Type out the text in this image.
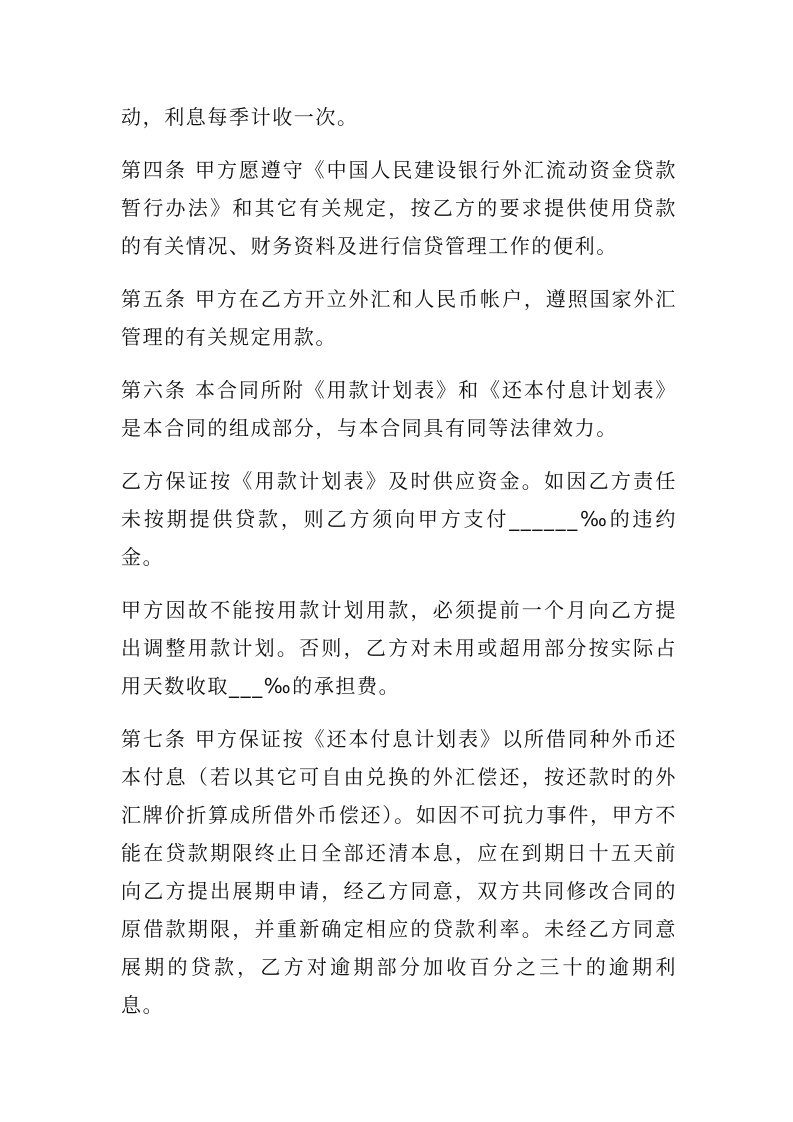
动，利息每季计收一次。

第四条 甲方愿遵守《中国人民建设银行外汇流动资金贷款暂行办法》和其它有关规定，按乙方的要求提供使用贷款的有关情况、财务资料及进行信贷管理工作的便利。

第五条 甲方在乙方开立外汇和人民币帐户，遵照国家外汇管理的有关规定用款。

第六条 本合同所附《用款计划表》和《还本付息计划表》是本合同的组成部分，与本合同具有同等法律效力。

乙方保证按《用款计划表》及时供应资金。如因乙方责任未按期提供贷款，则乙方须向甲方支付______‰的违约金。

甲方因故不能按用款计划用款，必须提前一个月向乙方提出调整用款计划。否则，乙方对未用或超用部分按实际占用天数收取___‰的承担费。

第七条 甲方保证按《还本付息计划表》以所借同种外币还本付息（若以其它可自由兑换的外汇偿还，按还款时的外汇牌价折算成所借外币偿还）。如因不可抗力事件，甲方不能在贷款期限终止日全部还清本息，应在到期日十五天前向乙方提出展期申请，经乙方同意，双方共同修改合同的原借款期限，并重新确定相应的贷款利率。未经乙方同意展期的贷款，乙方对逾期部分加收百分之三十的逾期利息。
